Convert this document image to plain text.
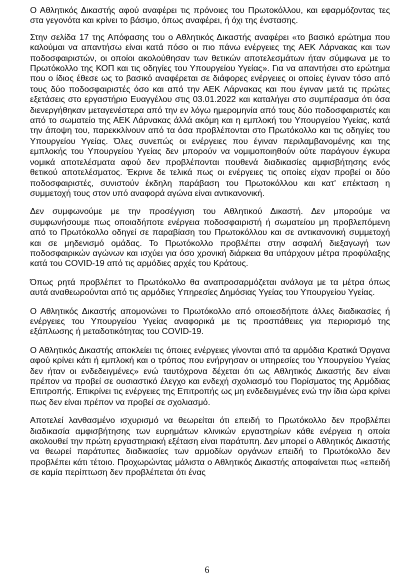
Ο Αθλητικός Δικαστής αφού αναφέρει τις πρόνοιες του Πρωτοκόλλου, και εφαρμόζοντας τες στα γεγονότα και κρίνει το βάσιμο, όπως αναφέρει, ή όχι της ένστασης.

Στην σελίδα 17 της Απόφασης του ο Αθλητικός Δικαστής αναφέρει «το βασικό ερώτημα που καλούμαι να απαντήσω είναι κατά πόσο οι πιο πάνω ενέργειες της ΑΕΚ Λάρνακας και των ποδοσφαιριστών, οι οποίοι ακολούθησαν των θετικών αποτελεσμάτων ήταν σύμφωνα με το Πρωτόκολλο της ΚΟΠ και τις οδηγίες του Υπουργείου Υγείας». Για να απαντήσει στο ερώτημα που ο ίδιος έθεσε ως το βασικό αναφέρεται σε διάφορες ενέργειες οι οποίες έγιναν τόσο από τους δύο ποδοσφαιριστές όσο και από την ΑΕΚ Λάρνακας και που έγιναν μετά τις πρώτες εξετάσεις στο εργαστήριο Ευαγγέλου στις 03.01.2022 και καταλήγει στο συμπέρασμα ότι όσα διενεργήθηκαν μεταγενέστερα από την εν λόγω ημερομηνία από τους δύο ποδοσφαιριστές και από το σωματείο της ΑΕΚ Λάρνακας άλλά ακόμη και η εμπλοκή του Υπουργείου Υγείας, κατά την άποψη του, παρεκκλίνουν από τα όσα προβλέπονται στο Πρωτόκολλο και τις οδηγίες του Υπουργείου Υγείας. Όλες συνεπώς οι ενέργειες που έγιναν περιλαμβανομένης και της εμπλοκής του Υπουργείου Υγείας δεν μπορούν να νομιμοποιηθούν ούτε παράγουν έγκυρα νομικά αποτελέσματα αφού δεν προβλέπονται πουθενά διαδικασίες αμφισβήτησης ενός θετικού αποτελέσματος. Έκρινε δε τελικά πως οι ενέργειες τις οποίες είχαν προβεί οι δύο ποδοσφαιριστές, συνιστούν έκδηλη παράβαση του Πρωτοκόλλου και κατ' επέκταση η συμμετοχή τους στον υπό αναφορά αγώνα είναι αντικανονική.

Δεν συμφωνούμε με την προσέγγιση του Αθλητικού Δικαστή. Δεν μπορούμε να συμφωνήσουμε πως οποιαδήποτε ενέργεια ποδοσφαιριστή ή σωματείου μη προβλεπόμενη από το Πρωτόκολλο οδηγεί σε παραβίαση του Πρωτοκόλλου και σε αντικανονική συμμετοχή και σε μηδενισμό ομάδας. Το Πρωτόκολλο προβλέπει στην ασφαλή διεξαγωγή των ποδοσφαιρικών αγώνων και ισχύει για όσο χρονική διάρκεια θα υπάρχουν μέτρα προφύλαξης κατά του COVID-19 από τις αρμόδιες αρχές του Κράτους.

Όπως ρητά προβλέπετ το Πρωτόκολλο θα αναπροσαρμόζεται ανάλογα με τα μέτρα όπως αυτά αναθεωρούνται από τις αρμόδιες Υπηρεσίες Δημόσιας Υγείας του Υπουργείου Υγείας.

Ο Αθλητικός Δικαστής απομονώνει το Πρωτόκολλο από οποιεσδήποτε άλλες διαδικασίες ή ενέργειες του Υπουργείου Υγείας αναφορικά με τις προσπάθειες για περιορισμό της εξάπλωσης ή μεταδοτικότητας του COVID-19.

Ο Αθλητικός Δικαστής αποκλείει τις όποιες ενέργειες γίνονται από τα αρμόδια Κρατικά Όργανα αφού κρίνει κάτι ή εμπλοκή και ο τρόπος που ενήργησαν οι υπηρεσίες του Υπουργείου Υγείας δεν ήταν οι ενδεδειγμένες» ενώ ταυτόχρονα δέχεται ότι ως Αθλητικός Δικαστής δεν είναι πρέπον να προβεί σε ουσιαστικό έλεγχο και ενδεχή σχολιασμό του Πορίσματος της Αρμόδιας Επιτροπής. Επικρίνει τις ενέργειες της Επιτροπής ως μη ενδεδειγμένες ενώ την ίδια ώρα κρίνει πως δεν είναι πρέπον να προβεί σε σχολιασμό.

Αποτελεί λανθασμένο ισχυρισμό να θεωρείται ότι επειδή το Πρωτόκολλο δεν προβλέπει διαδικασία αμφισβήτησης των ευρημάτων κλινικών εργαστηρίων κάθε ενέργεια η οποία ακολουθεί την πρώτη εργαστηριακή εξέταση είναι παράτυπη. Δεν μπορεί ο Αθλητικός Δικαστής να θεωρεί παράτυπες διαδικασίες των αρμοδίων οργάνων επειδή το Πρωτόκολλο δεν προβλέπει κάτι τέτοιο. Προχωρώντας μάλιστα ο Αθλητικός Δικαστής αποφαίνεται πως «επειδή σε καμία περίπτωση δεν προβλέπεται ότι ένας

6
